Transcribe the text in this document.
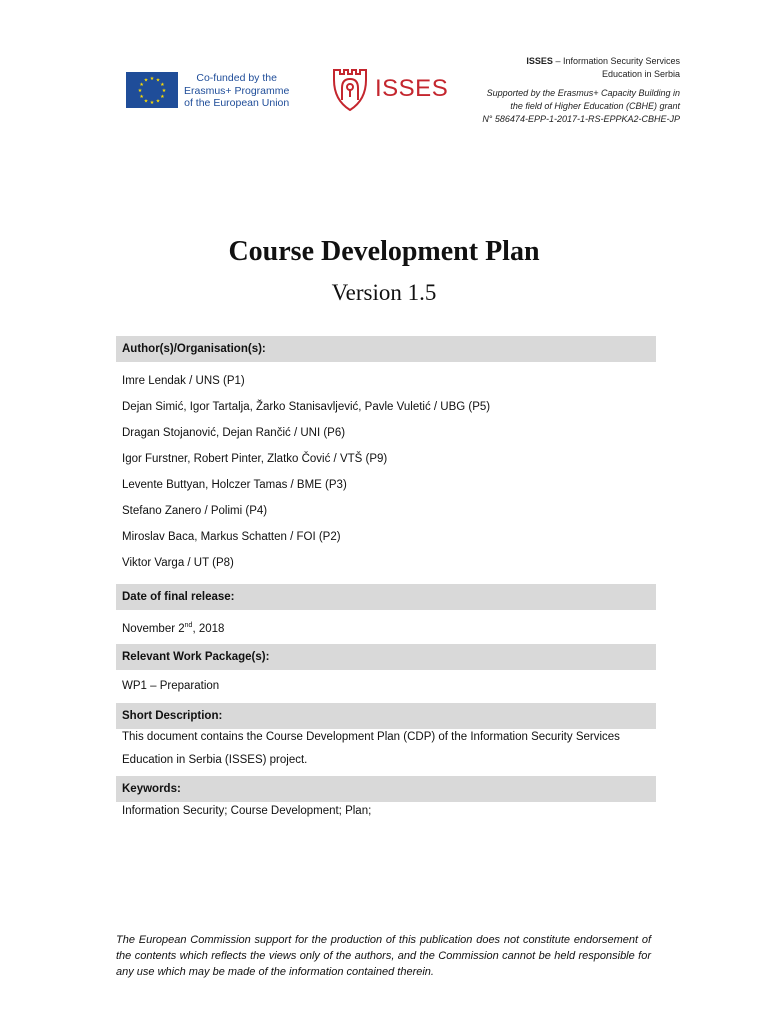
★ ★
★
★
★
★
★
★
★
★
★
★	Co-funded by the
Erasmus+ Programme
of the European Union
ISSES
ISSES – Information Security Services
Education in Serbia
Supported by the Erasmus+ Capacity Building in
the field of Higher Education (CBHE) grant
N° 586474-EPP-1-2017-1-RS-EPPKA2-CBHE-JP
Course Development Plan
Version 1.5
Author(s)/Organisation(s):
Imre Lendak / UNS (P1)
Dejan Simić, Igor Tartalja, Žarko Stanisavljević, Pavle Vuletić / UBG (P5)
Dragan Stojanović, Dejan Rančić / UNI (P6)
Igor Furstner, Robert Pinter, Zlatko Čović / VTŠ (P9)
Levente Buttyan, Holczer Tamas / BME (P3)
Stefano Zanero / Polimi (P4)
Miroslav Baca, Markus Schatten / FOI (P2)
Viktor Varga / UT (P8)
Date of final release:
November 2nd, 2018
Relevant Work Package(s):
WP1 – Preparation
Short Description:
This document contains the Course Development Plan (CDP) of the Information Security Services Education in Serbia (ISSES) project.
Keywords:
Information Security; Course Development; Plan;
The European Commission support for the production of this publication does not constitute endorsement of the contents which reflects the views only of the authors, and the Commission cannot be held responsible for any use which may be made of the information contained therein.
